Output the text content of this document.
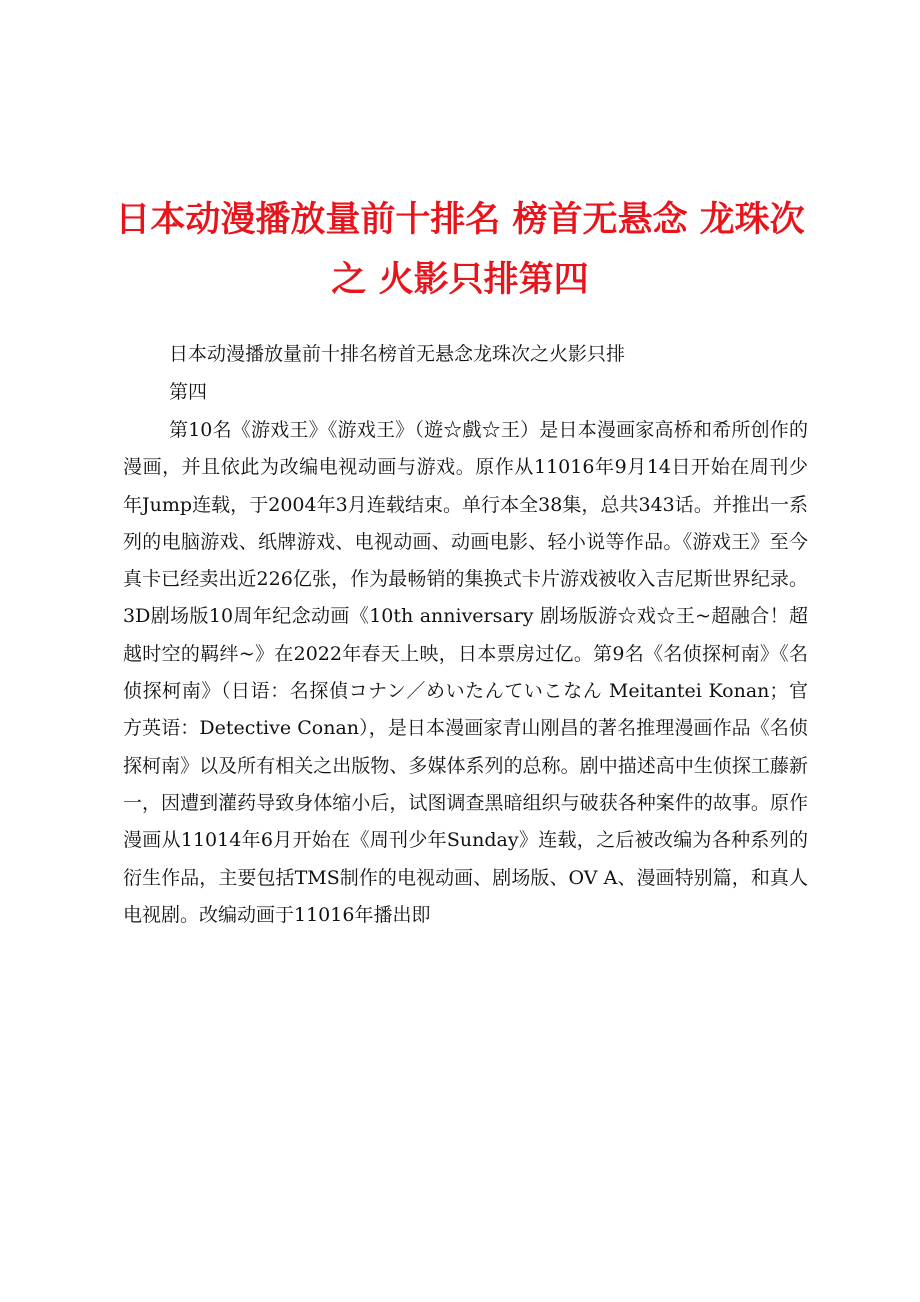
日本动漫播放量前十排名 榜首无悬念 龙珠次之 火影只排第四

日本动漫播放量前十排名榜首无悬念龙珠次之火影只排

第四

第10名《游戏王》《游戏王》（遊☆戲☆王）是日本漫画家高桥和希所创作的漫画，并且依此为改编电视动画与游戏。原作从11016年9月14日开始在周刊少年Jump连载，于2004年3月连载结束。单行本全38集，总共343话。并推出一系列的电脑游戏、纸牌游戏、电视动画、动画电影、轻小说等作品。《游戏王》至今真卡已经卖出近226亿张，作为最畅销的集换式卡片游戏被收入吉尼斯世界纪录。3D剧场版10周年纪念动画《10th anniversary 剧场版游☆戏☆王~超融合！超越时空的羁绊~》在2022年春天上映，日本票房过亿。第9名《名侦探柯南》《名侦探柯南》（日语：名探偵コナン／めいたんていこなん Meitantei Konan；官方英语：Detective Conan），是日本漫画家青山刚昌的著名推理漫画作品《名侦探柯南》以及所有相关之出版物、多媒体系列的总称。剧中描述高中生侦探工藤新一，因遭到灌药导致身体缩小后，试图调查黑暗组织与破获各种案件的故事。原作漫画从11014年6月开始在《周刊少年Sunday》连载，之后被改编为各种系列的衍生作品，主要包括TMS制作的电视动画、剧场版、OV A、漫画特别篇，和真人电视剧。改编动画于11016年播出即
